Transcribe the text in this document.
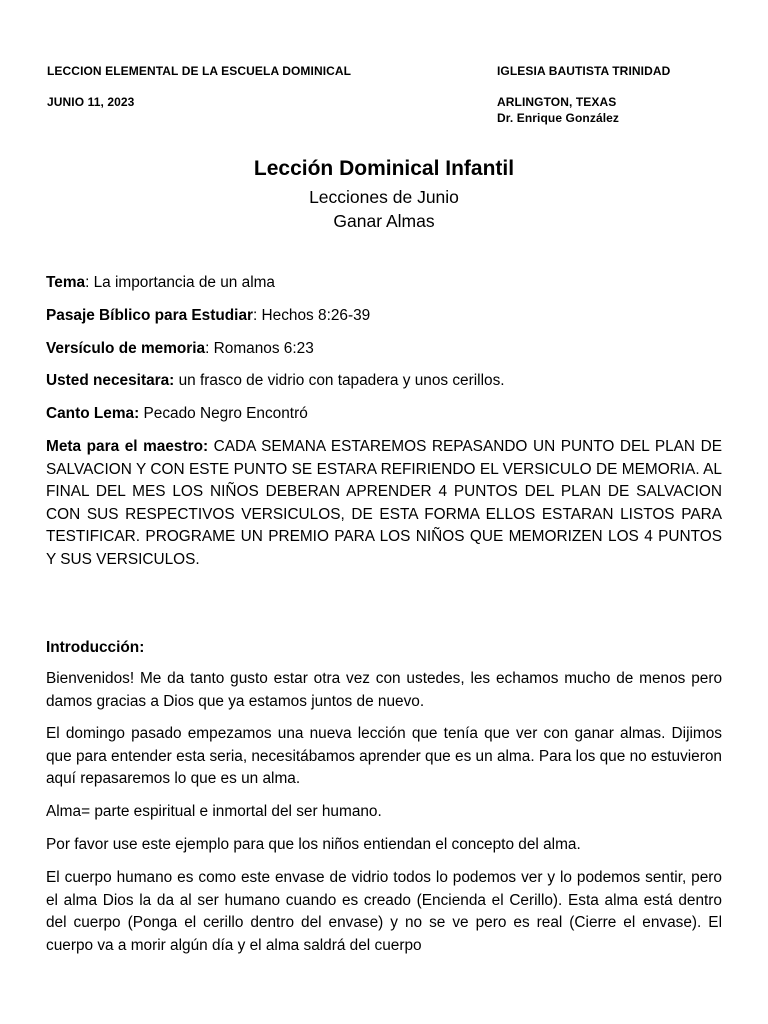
LECCION ELEMENTAL DE LA ESCUELA DOMINICAL
JUNIO 11, 2023
IGLESIA BAUTISTA TRINIDAD
ARLINGTON, TEXAS
Dr. Enrique González
Lección Dominical Infantil
Lecciones de Junio
Ganar Almas
Tema: La importancia de un alma
Pasaje Bíblico para Estudiar: Hechos 8:26-39
Versículo de memoria: Romanos 6:23
Usted necesitara: un frasco de vidrio con tapadera y unos cerillos.
Canto Lema: Pecado Negro Encontró
Meta para el maestro: CADA SEMANA ESTAREMOS REPASANDO UN PUNTO DEL PLAN DE SALVACION Y CON ESTE PUNTO SE ESTARA REFIRIENDO EL VERSICULO DE MEMORIA. AL FINAL DEL MES LOS NIÑOS DEBERAN APRENDER 4 PUNTOS DEL PLAN DE SALVACION CON SUS RESPECTIVOS VERSICULOS, DE ESTA FORMA ELLOS ESTARAN LISTOS PARA TESTIFICAR. PROGRAME UN PREMIO PARA LOS NIÑOS QUE MEMORIZEN LOS 4 PUNTOS Y SUS VERSICULOS.
Introducción:
Bienvenidos! Me da tanto gusto estar otra vez con ustedes, les echamos mucho de menos pero damos gracias a Dios que ya estamos juntos de nuevo.
El domingo pasado empezamos una nueva lección que tenía que ver con ganar almas. Dijimos que para entender esta seria, necesitábamos aprender que es un alma. Para los que no estuvieron aquí repasaremos lo que es un alma.
Alma= parte espiritual e inmortal del ser humano.
Por favor use este ejemplo para que los niños entiendan el concepto del alma.
El cuerpo humano es como este envase de vidrio todos lo podemos ver y lo podemos sentir, pero el alma Dios la da al ser humano cuando es creado (Encienda el Cerillo). Esta alma está dentro del cuerpo (Ponga el cerillo dentro del envase) y no se ve pero es real (Cierre el envase). El cuerpo va a morir algún día y el alma saldrá del cuerpo
